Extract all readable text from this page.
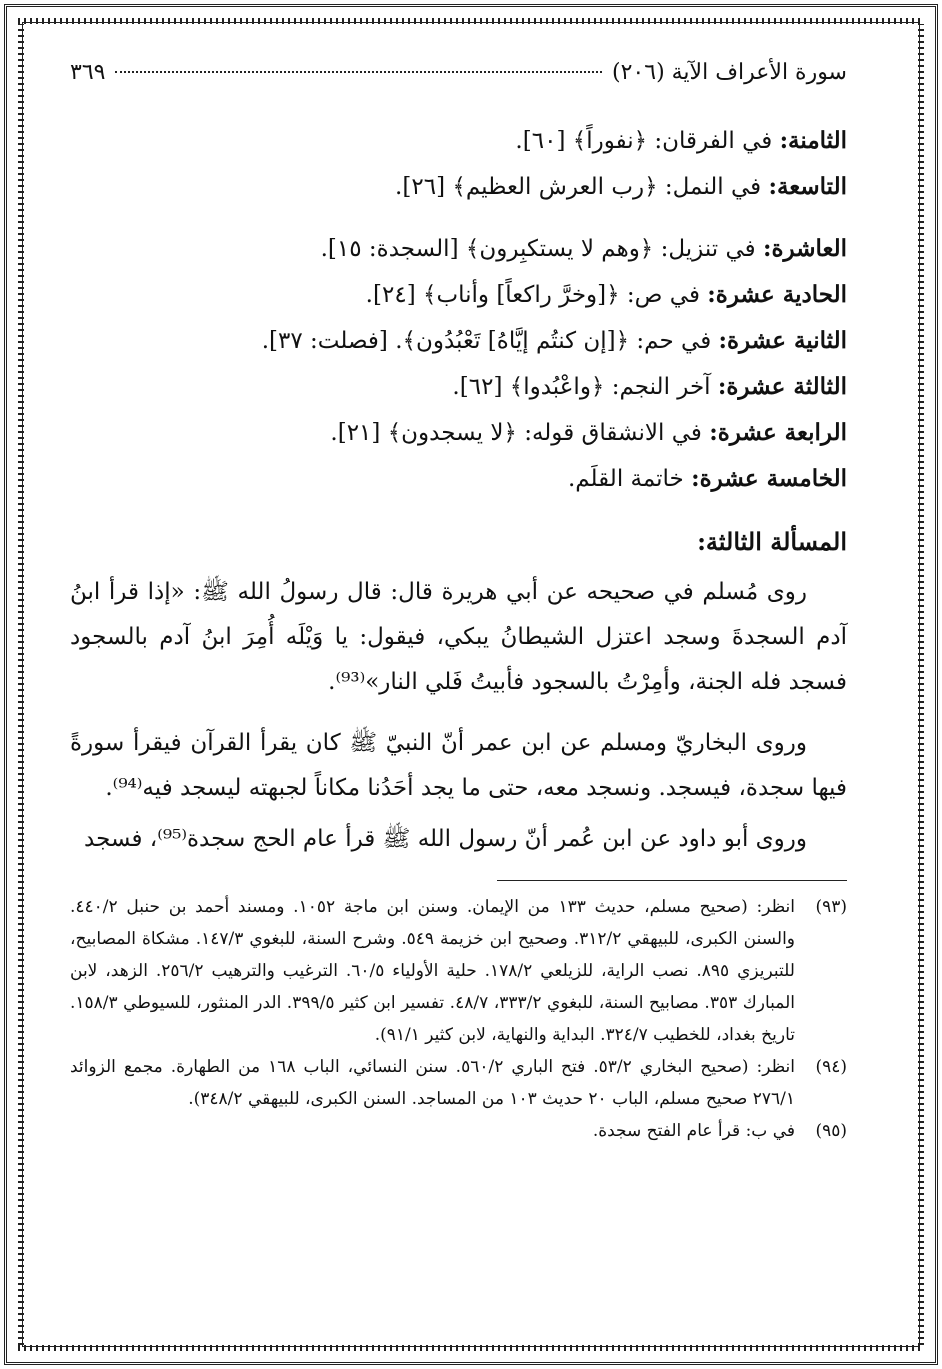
سورة الأعراف الآية (٢٠٦)
٣٦٩
الثامنة: في الفرقان: ﴿نفوراً﴾ [٦٠].
التاسعة: في النمل: ﴿رب العرش العظيم﴾ [٢٦].
العاشرة: في تنزيل: ﴿وهم لا يستكبِرون﴾ [السجدة: ١٥].
الحادية عشرة: في ص: ﴿[وخرَّ راكعاً] وأناب﴾ [٢٤].
الثانية عشرة: في حم: ﴿[إن كنتُم إيَّاهُ] تَعْبُدُون﴾. [فصلت: ٣٧].
الثالثة عشرة: آخر النجم: ﴿واعْبُدوا﴾ [٦٢].
الرابعة عشرة: في الانشقاق قوله: ﴿لا يسجدون﴾ [٢١].
الخامسة عشرة: خاتمة القلَم.
المسألة الثالثة:
روى مُسلم في صحيحه عن أبي هريرة قال: قال رسولُ الله ﷺ: «إذا قرأ ابنُ آدم السجدةَ وسجد اعتزل الشيطانُ يبكي، فيقول: يا وَيْلَه أُمِرَ ابنُ آدم بالسجود فسجد فله الجنة، وأمِرْتُ بالسجود فأبيتُ فَلي النار»⁽⁹³⁾.
وروى البخاريّ ومسلم عن ابن عمر أنّ النبيّ ﷺ كان يقرأ القرآن فيقرأ سورةً فيها سجدة، فيسجد. ونسجد معه، حتى ما يجد أحَدُنا مكاناً لجبهته ليسجد فيه⁽⁹⁴⁾.
وروى أبو داود عن ابن عُمر أنّ رسول الله ﷺ قرأ عام الحج سجدة⁽⁹⁵⁾، فسجد
(٩٣)
انظر: (صحيح مسلم، حديث ١٣٣ من الإيمان. وسنن ابن ماجة ١٠٥٢. ومسند أحمد بن حنبل ٤٤٠/٢. والسنن الكبرى، للبيهقي ٣١٢/٢. وصحيح ابن خزيمة ٥٤٩. وشرح السنة، للبغوي ١٤٧/٣. مشكاة المصابيح، للتبريزي ٨٩٥. نصب الراية، للزيلعي ١٧٨/٢. حلية الأولياء ٦٠/٥. الترغيب والترهيب ٢٥٦/٢. الزهد، لابن المبارك ٣٥٣. مصابيح السنة، للبغوي ٣٣٣/٢، ٤٨/٧. تفسير ابن كثير ٣٩٩/٥. الدر المنثور، للسيوطي ١٥٨/٣. تاريخ بغداد، للخطيب ٣٢٤/٧. البداية والنهاية، لابن كثير ٩١/١).
(٩٤)
انظر: (صحيح البخاري ٥٣/٢. فتح الباري ٥٦٠/٢. سنن النسائي، الباب ١٦٨ من الطهارة. مجمع الزوائد ٢٧٦/١ صحيح مسلم، الباب ٢٠ حديث ١٠٣ من المساجد. السنن الكبرى، للبيهقي ٣٤٨/٢).
(٩٥)
في ب: قرأ عام الفتح سجدة.
